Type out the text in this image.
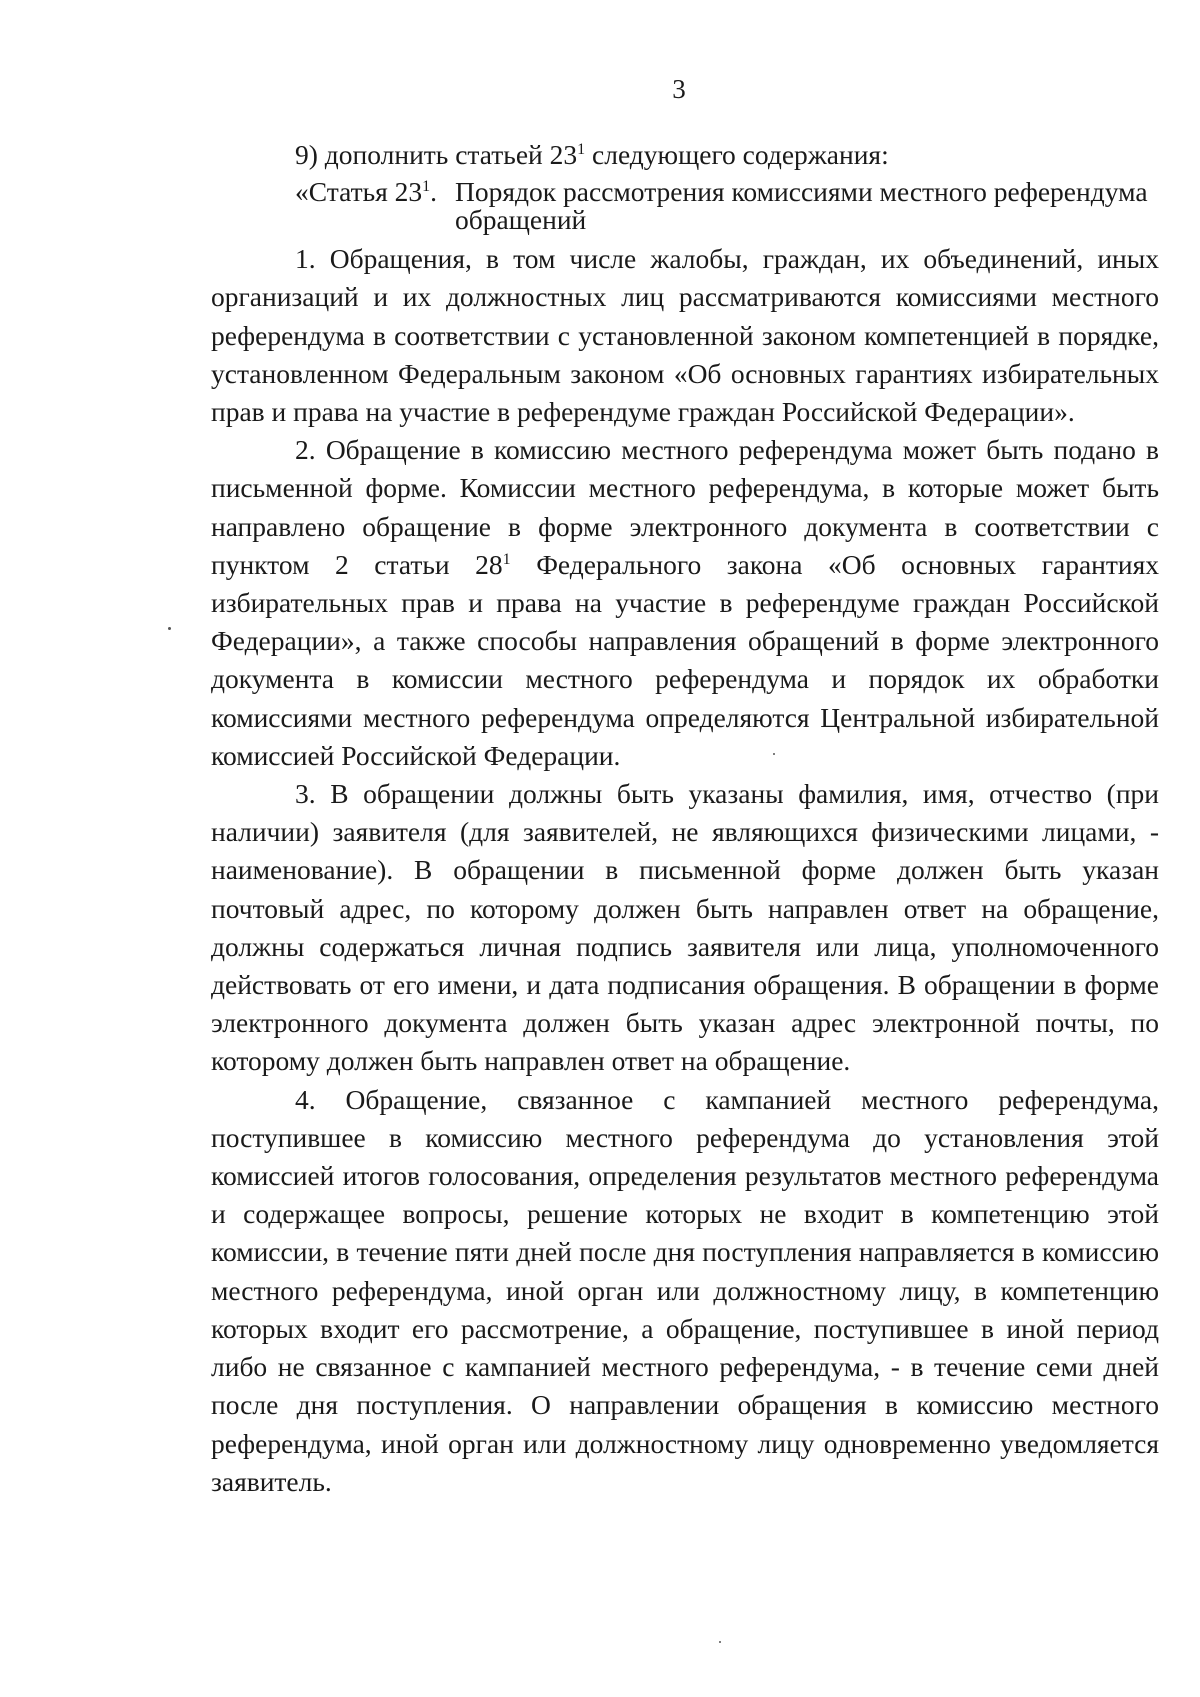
3

9) дополнить статьей $23^1$ следующего содержания:

«Статья $23^1$. Порядок рассмотрения комиссиями местного референдума обращений

1. Обращения, в том числе жалобы, граждан, их объединений, иных организаций и их должностных лиц рассматриваются комиссиями местного референдума в соответствии с установленной законом компетенцией в порядке, установленном Федеральным законом «Об основных гарантиях избирательных прав и права на участие в референдуме граждан Российской Федерации».

2. Обращение в комиссию местного референдума может быть подано в письменной форме. Комиссии местного референдума, в которые может быть направлено обращение в форме электронного документа в соответствии с пунктом 2 статьи $28^1$ Федерального закона «Об основных гарантиях избирательных прав и права на участие в референдуме граждан Российской Федерации», а также способы направления обращений в форме электронного документа в комиссии местного референдума и порядок их обработки комиссиями местного референдума определяются Центральной избирательной комиссией Российской Федерации.

3. В обращении должны быть указаны фамилия, имя, отчество (при наличии) заявителя (для заявителей, не являющихся физическими лицами, - наименование). В обращении в письменной форме должен быть указан почтовый адрес, по которому должен быть направлен ответ на обращение, должны содержаться личная подпись заявителя или лица, уполномоченного действовать от его имени, и дата подписания обращения. В обращении в форме электронного документа должен быть указан адрес электронной почты, по которому должен быть направлен ответ на обращение.

4. Обращение, связанное с кампанией местного референдума, поступившее в комиссию местного референдума до установления этой комиссией итогов голосования, определения результатов местного референдума и содержащее вопросы, решение которых не входит в компетенцию этой комиссии, в течение пяти дней после дня поступления направляется в комиссию местного референдума, иной орган или должностному лицу, в компетенцию которых входит его рассмотрение, а обращение, поступившее в иной период либо не связанное с кампанией местного референдума, - в течение семи дней после дня поступления. О направлении обращения в комиссию местного референдума, иной орган или должностному лицу одновременно уведомляется заявитель.
